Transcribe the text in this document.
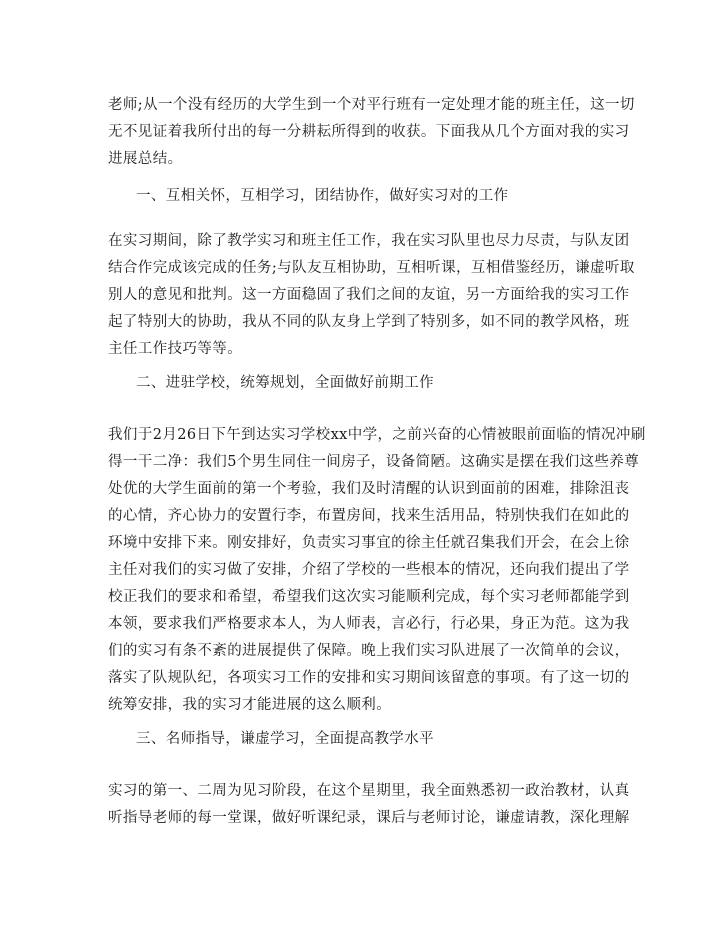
老师;从一个没有经历的大学生到一个对平行班有一定处理才能的班主任，这一切
无不见证着我所付出的每一分耕耘所得到的收获。下面我从几个方面对我的实习
进展总结。
一、互相关怀，互相学习，团结协作，做好实习对的工作
在实习期间，除了教学实习和班主任工作，我在实习队里也尽力尽责，与队友团
结合作完成该完成的任务;与队友互相协助，互相听课，互相借鉴经历，谦虚听取
别人的意见和批判。这一方面稳固了我们之间的友谊，另一方面给我的实习工作
起了特别大的协助，我从不同的队友身上学到了特别多，如不同的教学风格，班
主任工作技巧等等。
二、进驻学校，统筹规划，全面做好前期工作
我们于2月26日下午到达实习学校xx中学，之前兴奋的心情被眼前面临的情况冲刷
得一干二净：我们5个男生同住一间房子，设备简陋。这确实是摆在我们这些养尊
处优的大学生面前的第一个考验，我们及时清醒的认识到面前的困难，排除沮丧
的心情，齐心协力的安置行李，布置房间，找来生活用品，特别快我们在如此的
环境中安排下来。刚安排好，负责实习事宜的徐主任就召集我们开会，在会上徐
主任对我们的实习做了安排，介绍了学校的一些根本的情况，还向我们提出了学
校正我们的要求和希望，希望我们这次实习能顺利完成，每个实习老师都能学到
本领，要求我们严格要求本人，为人师表，言必行，行必果，身正为范。这为我
们的实习有条不紊的进展提供了保障。晚上我们实习队进展了一次简单的会议，
落实了队规队纪，各项实习工作的安排和实习期间该留意的事项。有了这一切的
统筹安排，我的实习才能进展的这么顺利。
三、名师指导，谦虚学习，全面提高教学水平
实习的第一、二周为见习阶段，在这个星期里，我全面熟悉初一政治教材，认真
听指导老师的每一堂课，做好听课纪录，课后与老师讨论，谦虚请教，深化理解
